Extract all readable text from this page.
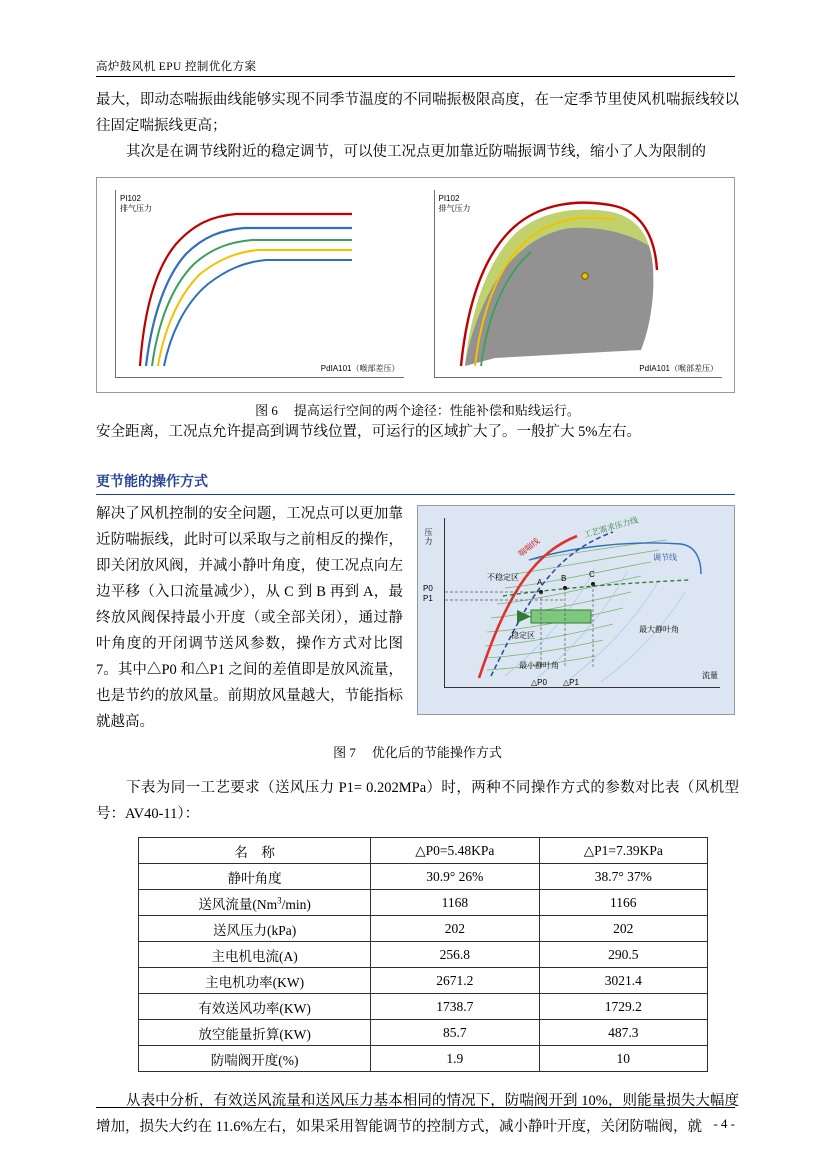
高炉鼓风机 EPU 控制优化方案

最大，即动态喘振曲线能够实现不同季节温度的不同喘振极限高度，在一定季节里使风机喘振线较以往固定喘振线更高；

其次是在调节线附近的稳定调节，可以使工况点更加靠近防喘振调节线，缩小了人为限制的

PI102
排气压力
PdIA101（喉部差压）
PI102
排气压力
PdIA101（喉部差压）
图 6 提高运行空间的两个途径：性能补偿和贴线运行。

安全距离，工况点允许提高到调节线位置，可运行的区域扩大了。一般扩大 5%左右。

更节能的操作方式
喘喘线
工艺需求压力线
调节线
不稳定区
稳定区
最大静叶角
最小静叶角
P0
P1
A B	C
△P0 △P1
压力
流量

解决了风机控制的安全问题，工况点可以更加靠近防喘振线，此时可以采取与之前相反的操作，即关闭放风阀，并减小静叶角度，使工况点向左边平移（入口流量减少），从 C 到 B 再到 A，最终放风阀保持最小开度（或全部关闭），通过静叶角度的开闭调节送风参数，操作方式对比图 7。其中△P0 和△P1 之间的差值即是放风流量，也是节约的放风量。前期放风量越大，节能指标就越高。

图 7 优化后的节能操作方式

下表为同一工艺要求（送风压力 P1= 0.202MPa）时，两种不同操作方式的参数对比表（风机型号：AV40-11）：

名　称	△P0=5.48KPa	△P1=7.39KPa
静叶角度	30.9° 26%	38.7° 37%
送风流量(Nm$^3$/min)	1168	1166
送风压力(kPa)	202	202
主电机电流(A)	256.8	290.5
主电机功率(KW)	2671.2	3021.4
有效送风功率(KW)	1738.7	1729.2
放空能量折算(KW)	85.7	487.3
防喘阀开度(%)	1.9	10

从表中分析，有效送风流量和送风压力基本相同的情况下，防喘阀开到 10%，则能量损失大幅度增加，损失大约在 11.6%左右，如果采用智能调节的控制方式，减小静叶开度，关闭防喘阀，就 - 4 -
